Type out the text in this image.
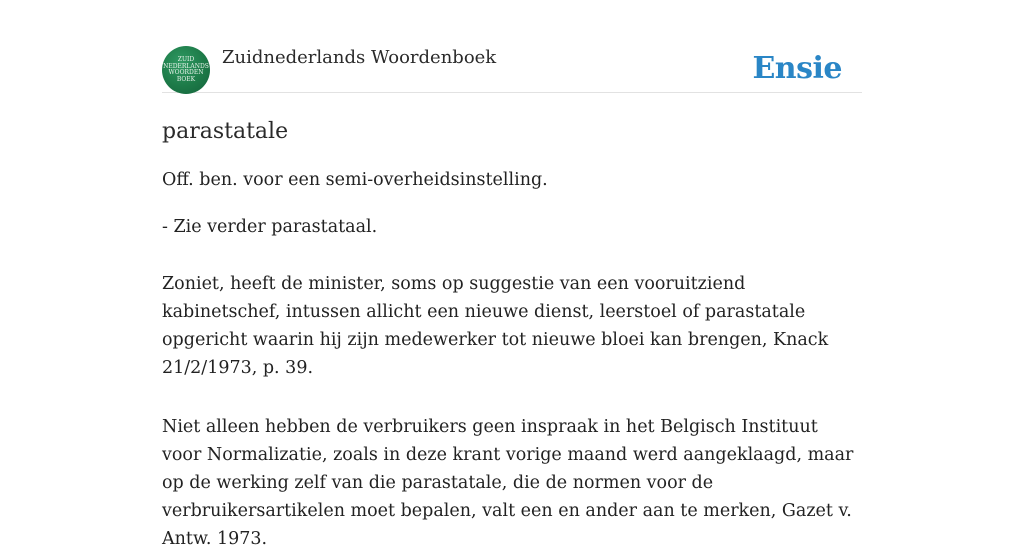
ZUID
NEDERLANDS
WOORDEN
BOEK
Zuidnederlands Woordenboek	Ensie
parastatale
Off. ben. voor een semi-overheidsinstelling.
- Zie verder parastataal.
Zoniet, heeft de minister, soms op suggestie van een vooruitziend kabinetschef, intussen allicht een nieuwe dienst, leerstoel of parastatale opgericht waarin hij zijn medewerker tot nieuwe bloei kan brengen, Knack 21/2/1973, p. 39.
Niet alleen hebben de verbruikers geen inspraak in het Belgisch Instituut voor Normalizatie, zoals in deze krant vorige maand werd aangeklaagd, maar op de werking zelf van die parastatale, die de normen voor de verbruikersartikelen moet bepalen, valt een en ander aan te merken, Gazet v. Antw. 1973.
